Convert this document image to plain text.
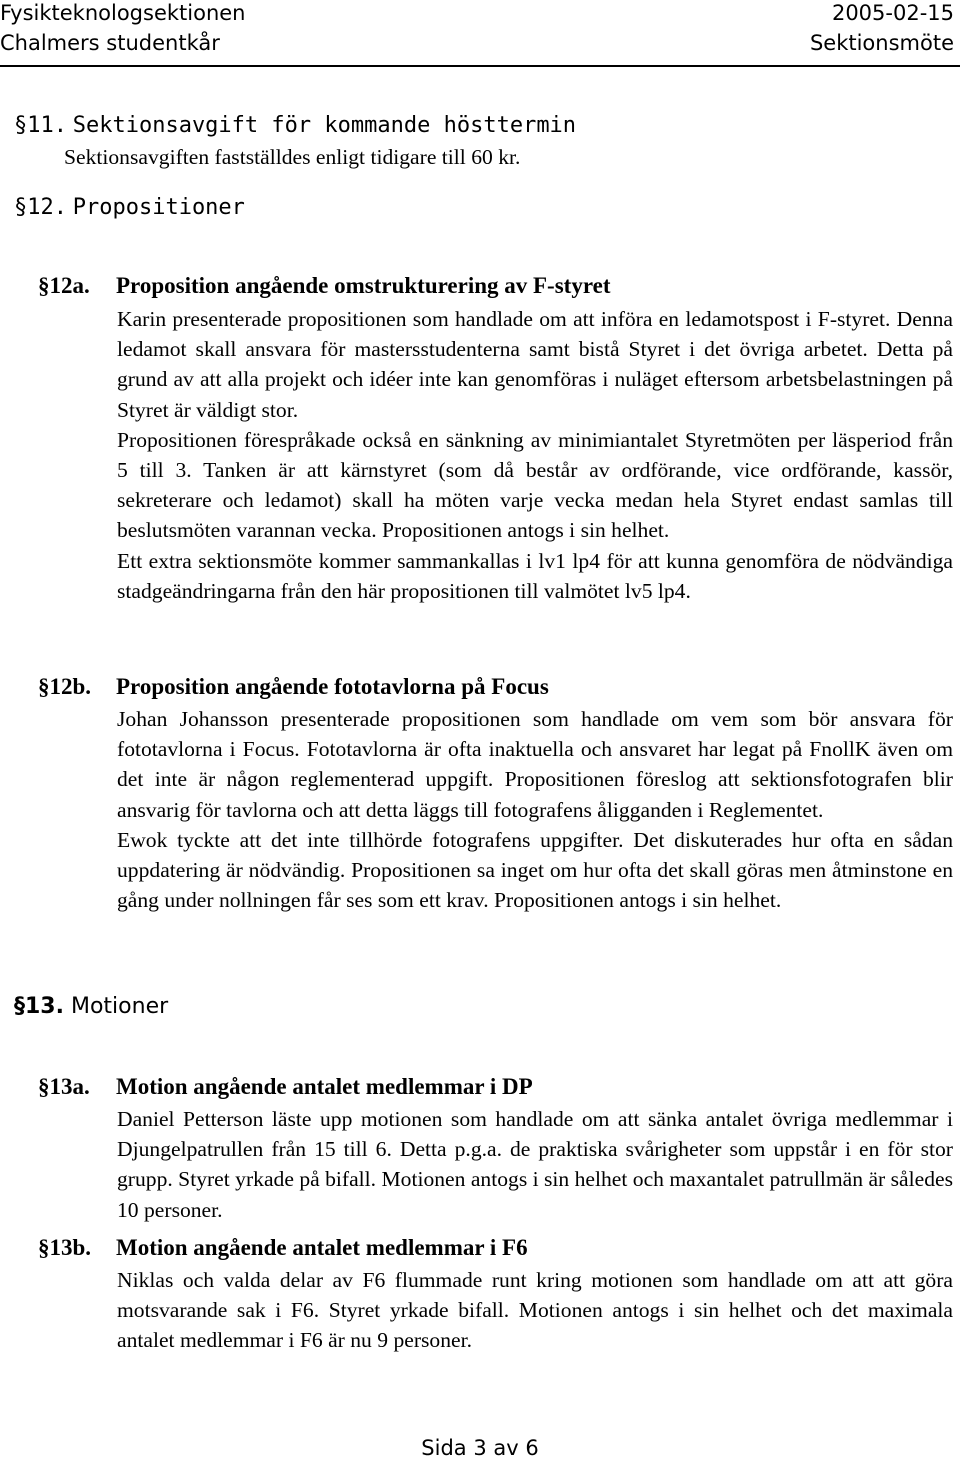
Fysikteknologsektionen
Chalmers studentkår
2005-02-15
Sektionsmöte
§11. Sektionsavgift för kommande hösttermin

Sektionsavgiften fastställdes enligt tidigare till 60 kr.

§12. Propositioner
§12a. Proposition angående omstrukturering av F-styret

Karin presenterade propositionen som handlade om att införa en ledamotspost i F-styret. Denna ledamot skall ansvara för mastersstudenterna samt bistå Styret i det övriga arbetet. Detta på grund av att alla projekt och idéer inte kan genomföras i nuläget eftersom arbetsbelastningen på Styret är väldigt stor.

Propositionen förespråkade också en sänkning av minimiantalet Styretmöten per läsperiod från 5 till 3. Tanken är att kärnstyret (som då består av ordförande, vice ordförande, kassör, sekreterare och ledamot) skall ha möten varje vecka medan hela Styret endast samlas till beslutsmöten varannan vecka. Propositionen antogs i sin helhet.

Ett extra sektionsmöte kommer sammankallas i lv1 lp4 för att kunna genomföra de nödvändiga stadgeändringarna från den här propositionen till valmötet lv5 lp4.

§12b. Proposition angående fototavlorna på Focus

Johan Johansson presenterade propositionen som handlade om vem som bör ansvara för fototavlorna i Focus. Fototavlorna är ofta inaktuella och ansvaret har legat på FnollK även om det inte är någon reglementerad uppgift. Propositionen föreslog att sektionsfotografen blir ansvarig för tavlorna och att detta läggs till fotografens åligganden i Reglementet.

Ewok tyckte att det inte tillhörde fotografens uppgifter. Det diskuterades hur ofta en sådan uppdatering är nödvändig. Propositionen sa inget om hur ofta det skall göras men åtminstone en gång under nollningen får ses som ett krav. Propositionen antogs i sin helhet.

§13. Motioner
§13a. Motion angående antalet medlemmar i DP

Daniel Petterson läste upp motionen som handlade om att sänka antalet övriga medlemmar i Djungelpatrullen från 15 till 6. Detta p.g.a. de praktiska svårigheter som uppstår i en för stor grupp. Styret yrkade på bifall. Motionen antogs i sin helhet och maxantalet patrullmän är således 10 personer.

§13b. Motion angående antalet medlemmar i F6

Niklas och valda delar av F6 flummade runt kring motionen som handlade om att att göra motsvarande sak i F6. Styret yrkade bifall. Motionen antogs i sin helhet och det maximala antalet medlemmar i F6 är nu 9 personer.

Sida 3 av 6
